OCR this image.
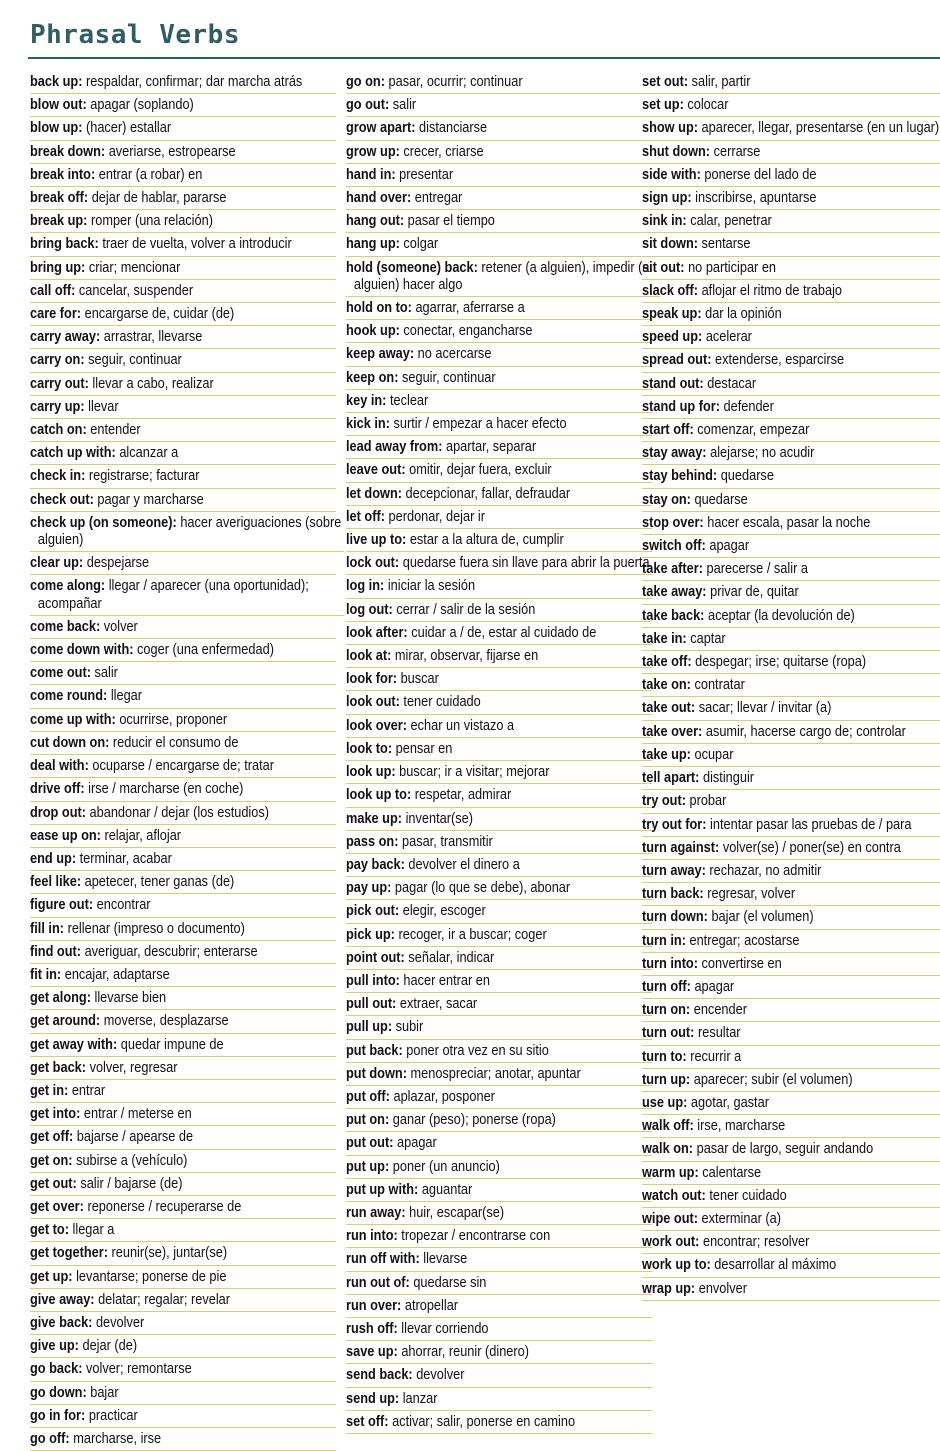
Phrasal Verbs
back up: respaldar, confirmar; dar marcha atrás
blow out: apagar (soplando)
blow up: (hacer) estallar
break down: averiarse, estropearse
break into: entrar (a robar) en
break off: dejar de hablar, pararse
break up: romper (una relación)
bring back: traer de vuelta, volver a introducir
bring up: criar; mencionar
call off: cancelar, suspender
care for: encargarse de, cuidar (de)
carry away: arrastrar, llevarse
carry on: seguir, continuar
carry out: llevar a cabo, realizar
carry up: llevar
catch on: entender
catch up with: alcanzar a
check in: registrarse; facturar
check out: pagar y marcharse
check up (on someone): hacer averiguaciones (sobre alguien)
clear up: despejarse
come along: llegar / aparecer (una oportunidad); acompañar
come back: volver
come down with: coger (una enfermedad)
come out: salir
come round: llegar
come up with: ocurrirse, proponer
cut down on: reducir el consumo de
deal with: ocuparse / encargarse de; tratar
drive off: irse / marcharse (en coche)
drop out: abandonar / dejar (los estudios)
ease up on: relajar, aflojar
end up: terminar, acabar
feel like: apetecer, tener ganas (de)
figure out: encontrar
fill in: rellenar (impreso o documento)
find out: averiguar, descubrir; enterarse
fit in: encajar, adaptarse
get along: llevarse bien
get around: moverse, desplazarse
get away with: quedar impune de
get back: volver, regresar
get in: entrar
get into: entrar / meterse en
get off: bajarse / apearse de
get on: subirse a (vehículo)
get out: salir / bajarse (de)
get over: reponerse / recuperarse de
get to: llegar a
get together: reunir(se), juntar(se)
get up: levantarse; ponerse de pie
give away: delatar; regalar; revelar
give back: devolver
give up: dejar (de)
go back: volver; remontarse
go down: bajar
go in for: practicar
go off: marcharse, irse
go on: pasar, ocurrir; continuar
go out: salir
grow apart: distanciarse
grow up: crecer, criarse
hand in: presentar
hand over: entregar
hang out: pasar el tiempo
hang up: colgar
hold (someone) back: retener (a alguien), impedir (a alguien) hacer algo
hold on to: agarrar, aferrarse a
hook up: conectar, engancharse
keep away: no acercarse
keep on: seguir, continuar
key in: teclear
kick in: surtir / empezar a hacer efecto
lead away from: apartar, separar
leave out: omitir, dejar fuera, excluir
let down: decepcionar, fallar, defraudar
let off: perdonar, dejar ir
live up to: estar a la altura de, cumplir
lock out: quedarse fuera sin llave para abrir la puerta
log in: iniciar la sesión
log out: cerrar / salir de la sesión
look after: cuidar a / de, estar al cuidado de
look at: mirar, observar, fijarse en
look for: buscar
look out: tener cuidado
look over: echar un vistazo a
look to: pensar en
look up: buscar; ir a visitar; mejorar
look up to: respetar, admirar
make up: inventar(se)
pass on: pasar, transmitir
pay back: devolver el dinero a
pay up: pagar (lo que se debe), abonar
pick out: elegir, escoger
pick up: recoger, ir a buscar; coger
point out: señalar, indicar
pull into: hacer entrar en
pull out: extraer, sacar
pull up: subir
put back: poner otra vez en su sitio
put down: menospreciar; anotar, apuntar
put off: aplazar, posponer
put on: ganar (peso); ponerse (ropa)
put out: apagar
put up: poner (un anuncio)
put up with: aguantar
run away: huir, escapar(se)
run into: tropezar / encontrarse con
run off with: llevarse
run out of: quedarse sin
run over: atropellar
rush off: llevar corriendo
save up: ahorrar, reunir (dinero)
send back: devolver
send up: lanzar
set off: activar; salir, ponerse en camino
set out: salir, partir
set up: colocar
show up: aparecer, llegar, presentarse (en un lugar)
shut down: cerrarse
side with: ponerse del lado de
sign up: inscribirse, apuntarse
sink in: calar, penetrar
sit down: sentarse
sit out: no participar en
slack off: aflojar el ritmo de trabajo
speak up: dar la opinión
speed up: acelerar
spread out: extenderse, esparcirse
stand out: destacar
stand up for: defender
start off: comenzar, empezar
stay away: alejarse; no acudir
stay behind: quedarse
stay on: quedarse
stop over: hacer escala, pasar la noche
switch off: apagar
take after: parecerse / salir a
take away: privar de, quitar
take back: aceptar (la devolución de)
take in: captar
take off: despegar; irse; quitarse (ropa)
take on: contratar
take out: sacar; llevar / invitar (a)
take over: asumir, hacerse cargo de; controlar
take up: ocupar
tell apart: distinguir
try out: probar
try out for: intentar pasar las pruebas de / para
turn against: volver(se) / poner(se) en contra
turn away: rechazar, no admitir
turn back: regresar, volver
turn down: bajar (el volumen)
turn in: entregar; acostarse
turn into: convertirse en
turn off: apagar
turn on: encender
turn out: resultar
turn to: recurrir a
turn up: aparecer; subir (el volumen)
use up: agotar, gastar
walk off: irse, marcharse
walk on: pasar de largo, seguir andando
warm up: calentarse
watch out: tener cuidado
wipe out: exterminar (a)
work out: encontrar; resolver
work up to: desarrollar al máximo
wrap up: envolver
